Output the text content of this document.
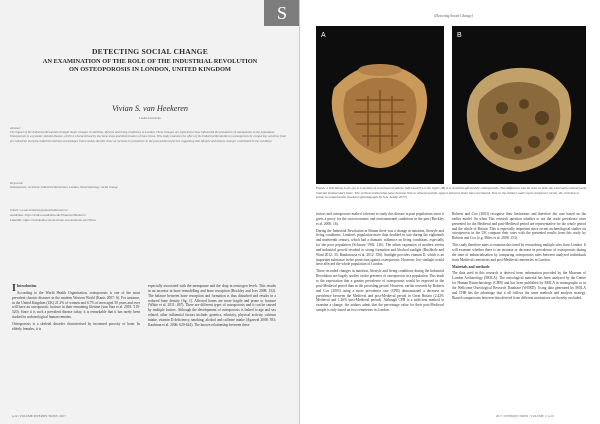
S
DETECTING SOCIAL CHANGE
AN EXAMINATION OF THE ROLE OF THE INDUSTRIAL REVOLUTION ON OSTEOPOROSIS IN LONDON, UNITED KINGDOM
Vivian S. van Heekeren
Leiden University
Abstract
The impact of the Industrial Revolution brought major changes in nutrition, lifestyle and living conditions in London. These changes are expected to have influenced the prevalence of osteoporosis in the population. Osteoporosis is a systemic skeletal disease, which is characterised by low bone mass and deterioration of bone tissue. This study examines the effect of the Industrial Revolution on osteoporosis by comparing vertebrae from pre-industrial and post-industrial skeletal assemblages from London. Results show an increase in prevalence in the post-medieval period, suggesting that lifestyle and dietary changes contributed to the condition.
Keywords
Osteoporosis, vertebrae, Industrial Revolution, London, bioarchaeology, social change
Email: v.s.van.heekeren@umail.leidenuniv.nl
Academia: https://leiden.academia.edu/VivianvanHeekeren
LinkedIn: https://nl.linkedin.com/in/vivian-van-heekeren-a5179b1a

I Introduction

According to the World Health Organisation, osteoporosis is one of the most prevalent chronic diseases in the modern Western World (Kanis 2007: 6). For instance, in the United Kingdom (UK) 21.2% of women and 6.7% of men aged 50 years and over will have an osteoporotic fracture in their remaining lifetime (van Staa et al. 2001: 519-520). Since it is such a prevalent disease today, it is remarkable that it has rarely been studied in archaeological human remains.

Osteoporosis is a skeletal disorder characterised by increased porosity of bone. In elderly females, it is

especially associated with the menopause and the drop in oestrogen levels. This results in an increase in bone remodelling and bone resorption (Brickley and Ives 2008: 152). The balance between bone resorption and formation is thus disturbed and results in a reduced bone density (fig. 1). Affected bones are more fragile and prone to fracture (White et al. 2011: 467). There are different types of osteoporosis and it can be caused by multiple factors. Although the development of osteoporosis is linked to age and sex related, other influential factors include: genetics, ethnicity, physical activity, calcium intake, vitamin D deficiency, smoking, alcohol and caffeine intake (Agarwal 2008: 393; Kaufman et al. 2006: 620-624). The known relationship between these

p.24 | VOLUME INTERSECTIONS | 2017
[Detecting Social Change]
A	B
Figure 1 (Vertebra) Left: (a) is a section of a normal vertebrae (left) and (b) is the right: (B) is a vertebra affected by osteoporosis. The difference can be seen in both the external (cortical) and internal (trabecular) bone. The vertical trabeculae have become thin or absent and the spaces between them have increased. Due to the thinner outer layer and fewer struts, the vertebra is prone to compression fractures (photograph by S.A. Ashby 2017).

factors and osteoporosis make it relevant to study this disease in past populations since it gives a proxy for the socioeconomic and environmental conditions in the past (Brickley et al. 2006: 16).

During the Industrial Revolution in Britain there was a change in nutrition, lifestyle and living conditions. London's population more than doubled in size during the eighteenth and nineteenth century, which had a dramatic influence on living conditions, especially for the poor population (Schwarz 1992: 126). The urban expansion of modern streets and industrial growth resulted in strong formation and blocked sunlight (Buchholz and Ward 2012: 33; Bandarawsa et al. 2012: 356). Sunlight provides vitamin D, which is an important substance in the protection against osteoporosis. However, low sunlight would have affected the whole population of London.

These recorded changes in nutrition, lifestyle and living conditions during the Industrial Revolution are largely studies on the presence of osteoporosis in a population. This leads to the expectation that a greater prevalence of osteoporosis would be expected in the post-Medieval period than in the preceding period. However, earlier research by Roberts and Cox (2003) using a more prevalence rate (CPR) demonstrated a decrease in prevalence between the Medieval and post-Medieval period in Great Britain (2.42% Medieval and 1.26% post-Medieval period). Although CPR is a sufficient method to examine a change, the authors admit that the percentage value for their post-Medieval sample is only based on two cemeteries in London.

Roberts and Cox (2003) recognise their limitations and therefore the case based on the earlier model. So when This research question whether or not the crude prevalence rates presented for the Medieval and post-Medieval period are representative for the whole period and the whole of Britain. This is especially important since recent archaeological studies on osteoporosis in the UK compare their rates with the presented results from this study by Roberts and Cox (e.g. Miles et al. 2008: 153).

This study therefore aims to examine this trend by researching multiple sites from London. It will examine whether there is an increase or decrease in prevalence of osteoporosis during the time of industrialisation by comparing osteoporosis rates between analysed individuals from Medieval cemeteries and post-Medieval cemeteries in London.

Materials and methods

The data used in this research is derived from information provided by the Museum of London Archaeology (MOLA). The osteological material has been analysed by the Centre for Human Bioarchaeology (CHB) and has been published by MOLA in monographs or in the Wellcome Osteological Research Database (WORD). Using data generated by MOLA and CHB has the advantage that it all follows the same methods and analysis strategy. Biased comparisons between data derived from different institutions are thereby excluded.

2017 | INTERSECTIONS | VOLUME 1 | p.29
